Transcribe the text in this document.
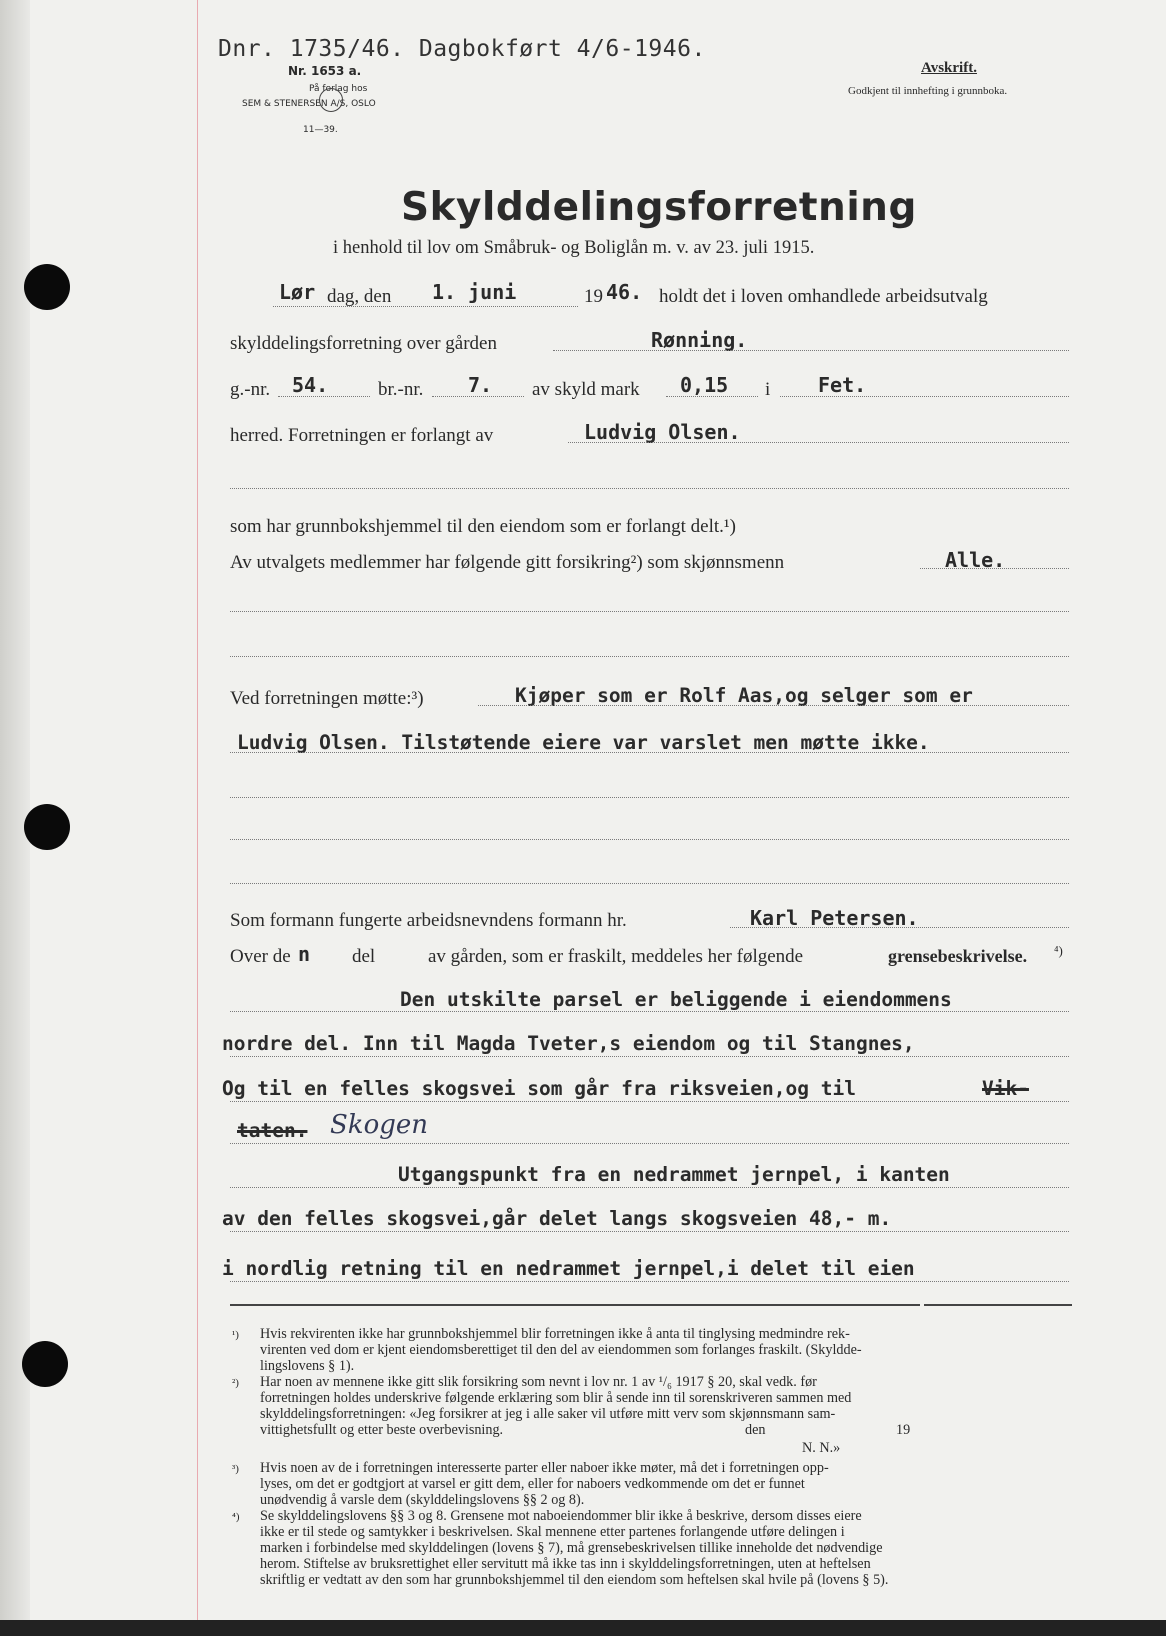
Dnr. 1735/46. Dagbokført 4/6-1946.
Nr. 1653 a.
På forlag hos
SEM & STENERSEN A/S, OSLO
11—39.
Avskrift.
Godkjent til innhefting i grunnboka.
Skylddelingsforretning
i henhold til lov om Småbruk- og Boliglån m. v. av 23. juli 1915.
Lør dag, den 1. juni	19 46. holdt det i loven omhandlede arbeidsutvalg
skylddelingsforretning over gården	Rønning.
g.-nr. 54.	br.-nr. 7. av skyld mark 0,15 i Fet.
herred. Forretningen er forlangt av	Ludvig Olsen.
som har grunnbokshjemmel til den eiendom som er forlangt delt.¹)
Av utvalgets medlemmer har følgende gitt forsikring²) som skjønnsmenn	Alle.
Ved forretningen møtte:³)	Kjøper som er Rolf Aas,og selger som er
Ludvig Olsen. Tilstøtende eiere var varslet men møtte ikke.
Som formann fungerte arbeidsnevndens formann hr.	Karl Petersen.
Over de n del	av gården, som er fraskilt, meddeles her følgende	grensebeskrivelse. ⁴)
Den utskilte parsel er beliggende i eiendommens
nordre del. Inn til Magda Tveter,s eiendom og til Stangnes,
Og til en felles skogsvei som går fra riksveien,og til	Vik-
taten. Skogen
Utgangspunkt fra en nedrammet jernpel, i kanten
av den felles skogsvei,går delet langs skogsveien 48,- m.
i nordlig retning til en nedrammet jernpel,i delet til eien
¹) Hvis rekvirenten ikke har grunnbokshjemmel blir forretningen ikke å anta til tinglysing medmindre rek-
virenten ved dom er kjent eiendomsberettiget til den del av eiendommen som forlanges fraskilt. (Skyldde-
lingslovens § 1).
²) Har noen av mennene ikke gitt slik forsikring som nevnt i lov nr. 1 av ¹/₆ 1917 § 20, skal vedk. før
forretningen holdes underskrive følgende erklæring som blir å sende inn til sorenskriveren sammen med
skylddelingsforretningen: «Jeg forsikrer at jeg i alle saker vil utføre mitt verv som skjønnsmann sam-
vittighetsfullt og etter beste overbevisning.	den	19
N. N.»
³) Hvis noen av de i forretningen interesserte parter eller naboer ikke møter, må det i forretningen opp-
lyses, om det er godtgjort at varsel er gitt dem, eller for naboers vedkommende om det er funnet
unødvendig å varsle dem (skylddelingslovens §§ 2 og 8).
⁴) Se skylddelingslovens §§ 3 og 8. Grensene mot naboeiendommer blir ikke å beskrive, dersom disses eiere
ikke er til stede og samtykker i beskrivelsen. Skal mennene etter partenes forlangende utføre delingen i
marken i forbindelse med skylddelingen (lovens § 7), må grensebeskrivelsen tillike inneholde det nødvendige
herom. Stiftelse av bruksrettighet eller servitutt må ikke tas inn i skylddelingsforretningen, uten at heftelsen
skriftlig er vedtatt av den som har grunnbokshjemmel til den eiendom som heftelsen skal hvile på (lovens § 5).
